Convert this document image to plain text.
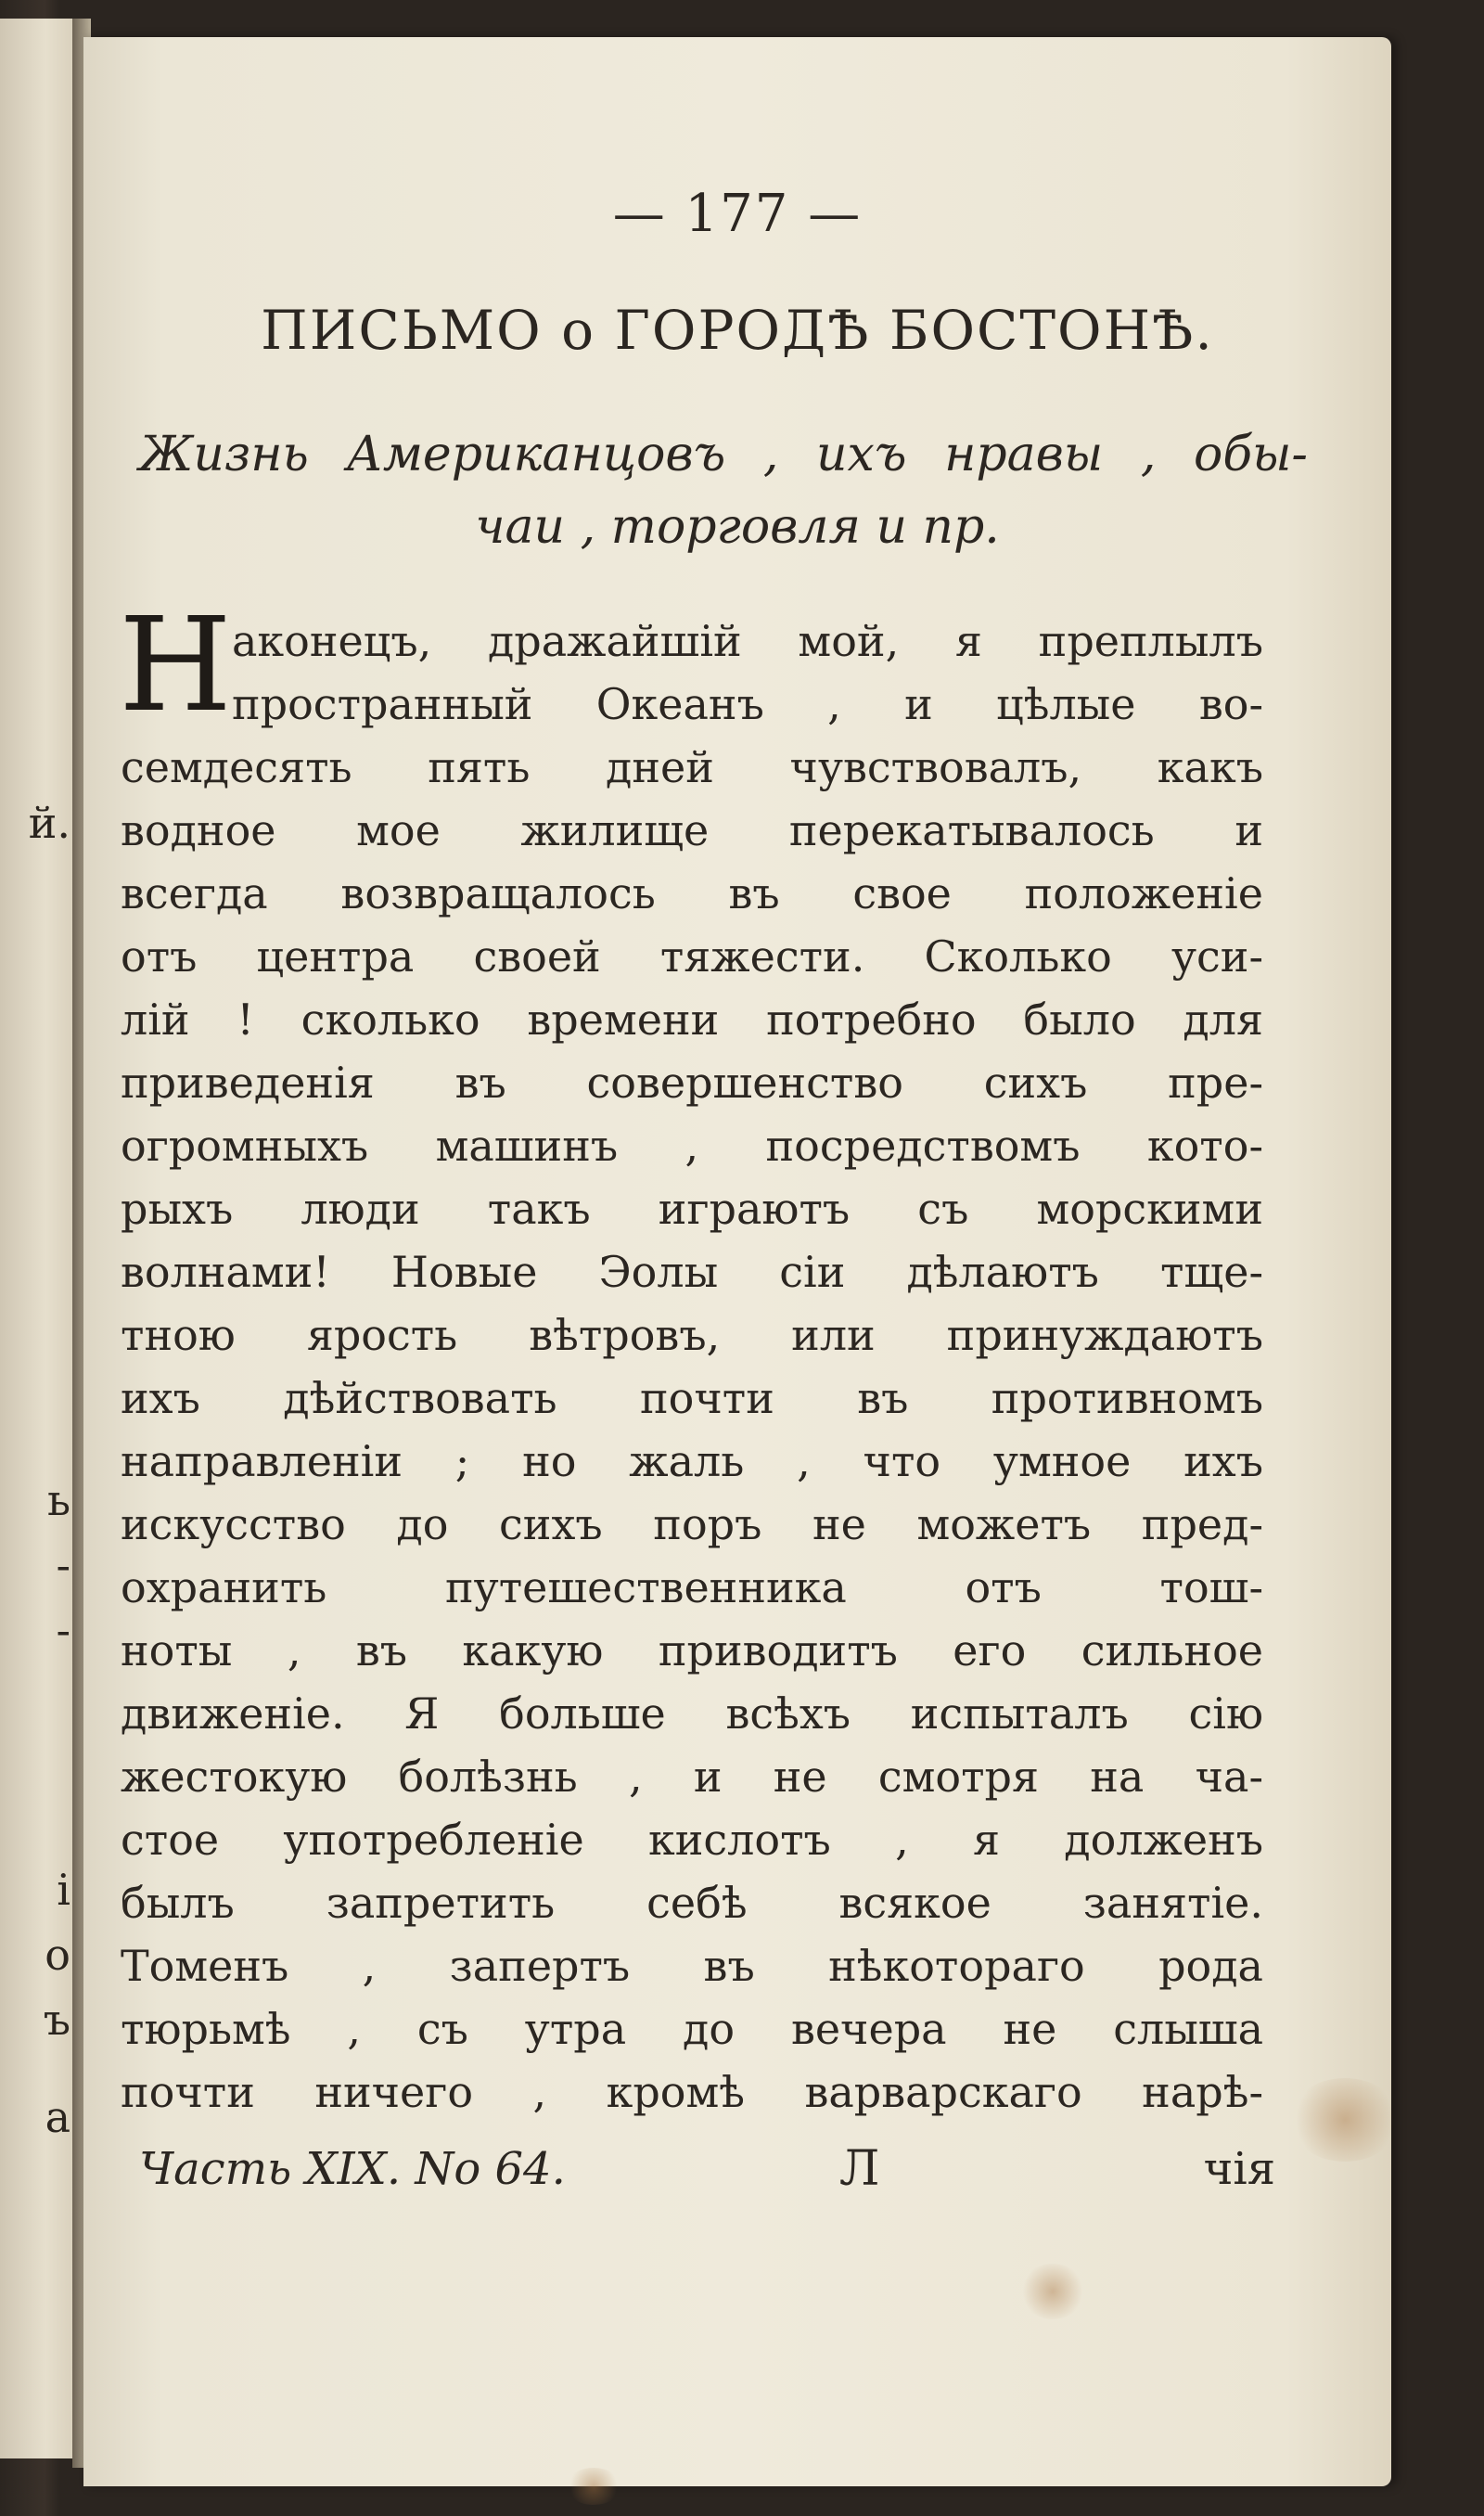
й.
ь
-
-
і
о
ъ
а
— 177 —
ПИСЬМО о ГОРОДѢ БОСТОНѢ.
Жизнь Американцовъ , ихъ нравы , обы-
чаи , торговля и пр.
Н аконецъ, дражайшій мой, я преплылъ
пространный Океанъ , и цѣлые во-
семдесять пять дней чувствовалъ, какъ
водное мое жилище перекатывалось и
всегда возвращалось въ свое положеніе
отъ центра своей тяжести. Сколько уси-
лій ! сколько времени потребно было для
приведенія въ совершенство сихъ пре-
огромныхъ машинъ , посредствомъ кото-
рыхъ люди такъ играютъ съ морскими
волнами! Новые Эолы сіи дѣлаютъ тще-
тною ярость вѣтровъ, или принуждаютъ
ихъ дѣйствовать почти въ противномъ
направленіи ; но жаль , что умное ихъ
искусство до сихъ поръ не можетъ пред-
охранить путешественника отъ тош-
ноты , въ какую приводитъ его сильное
движеніе. Я больше всѣхъ испыталъ сію
жестокую болѣзнь , и не смотря на ча-
стое употребленіе кислотъ , я долженъ
былъ запретить себѣ всякое занятіе.
Томенъ , запертъ въ нѣкотораго рода
тюрьмѣ , съ утра до вечера не слыша
почти ничего , кромѣ варварскаго нарѣ-
Часть XIX. No 64.	Л	чія
